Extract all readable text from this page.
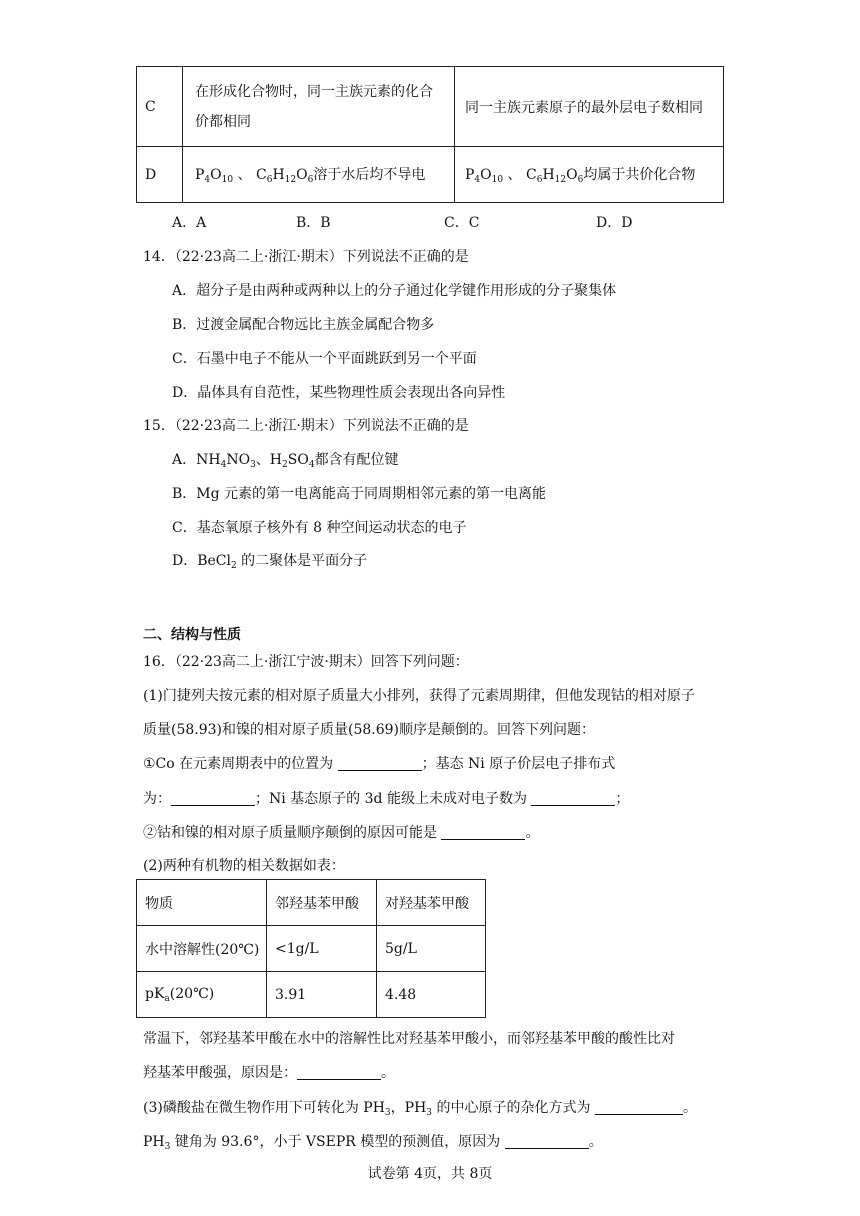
C	在形成化合物时，同一主族元素的化合
价都相同	同一主族元素原子的最外层电子数相同
D	$P_4O_{10}$ 、 $C_6H_{12}O_6$溶于水后均不导电	$P_4O_{10}$ 、 $C_6H_{12}O_6$均属于共价化合物
A．A	B．B	C．C	D．D
14．（22·23高二上·浙江·期末）下列说法不正确的是
A．超分子是由两种或两种以上的分子通过化学键作用形成的分子聚集体
B．过渡金属配合物远比主族金属配合物多
C．石墨中电子不能从一个平面跳跃到另一个平面
D．晶体具有自范性，某些物理性质会表现出各向异性
15．（22·23高二上·浙江·期末）下列说法不正确的是
A．$NH_4NO_3$、$H_2SO_4$都含有配位键
B．Mg 元素的第一电离能高于同周期相邻元素的第一电离能
C．基态氧原子核外有 8 种空间运动状态的电子
D．BeCl$_2$ 的二聚体是平面分子
二、结构与性质
16．（22·23高二上·浙江宁波·期末）回答下列问题：
(1)门捷列夫按元素的相对原子质量大小排列，获得了元素周期律，但他发现钴的相对原子
质量(58.93)和镍的相对原子质量(58.69)顺序是颠倒的。回答下列问题：
①Co 在元素周期表中的位置为	；基态 Ni 原子价层电子排布式
为：	；Ni 基态原子的 3d 能级上未成对电子数为	；
②钴和镍的相对原子质量顺序颠倒的原因可能是	。
(2)两种有机物的相关数据如表：
物质	邻羟基苯甲酸	对羟基苯甲酸
水中溶解性(20℃)	<1g/L	5g/L
$pK_a(20℃)$	3.91	4.48
常温下，邻羟基苯甲酸在水中的溶解性比对羟基苯甲酸小，而邻羟基苯甲酸的酸性比对
羟基苯甲酸强，原因是：	。
(3)磷酸盐在微生物作用下可转化为 $PH_3$，$PH_3$ 的中心原子的杂化方式为	。
$PH_3$ 键角为 93.6°，小于 VSEPR 模型的预测值，原因为	。
试卷第 4页，共 8页
